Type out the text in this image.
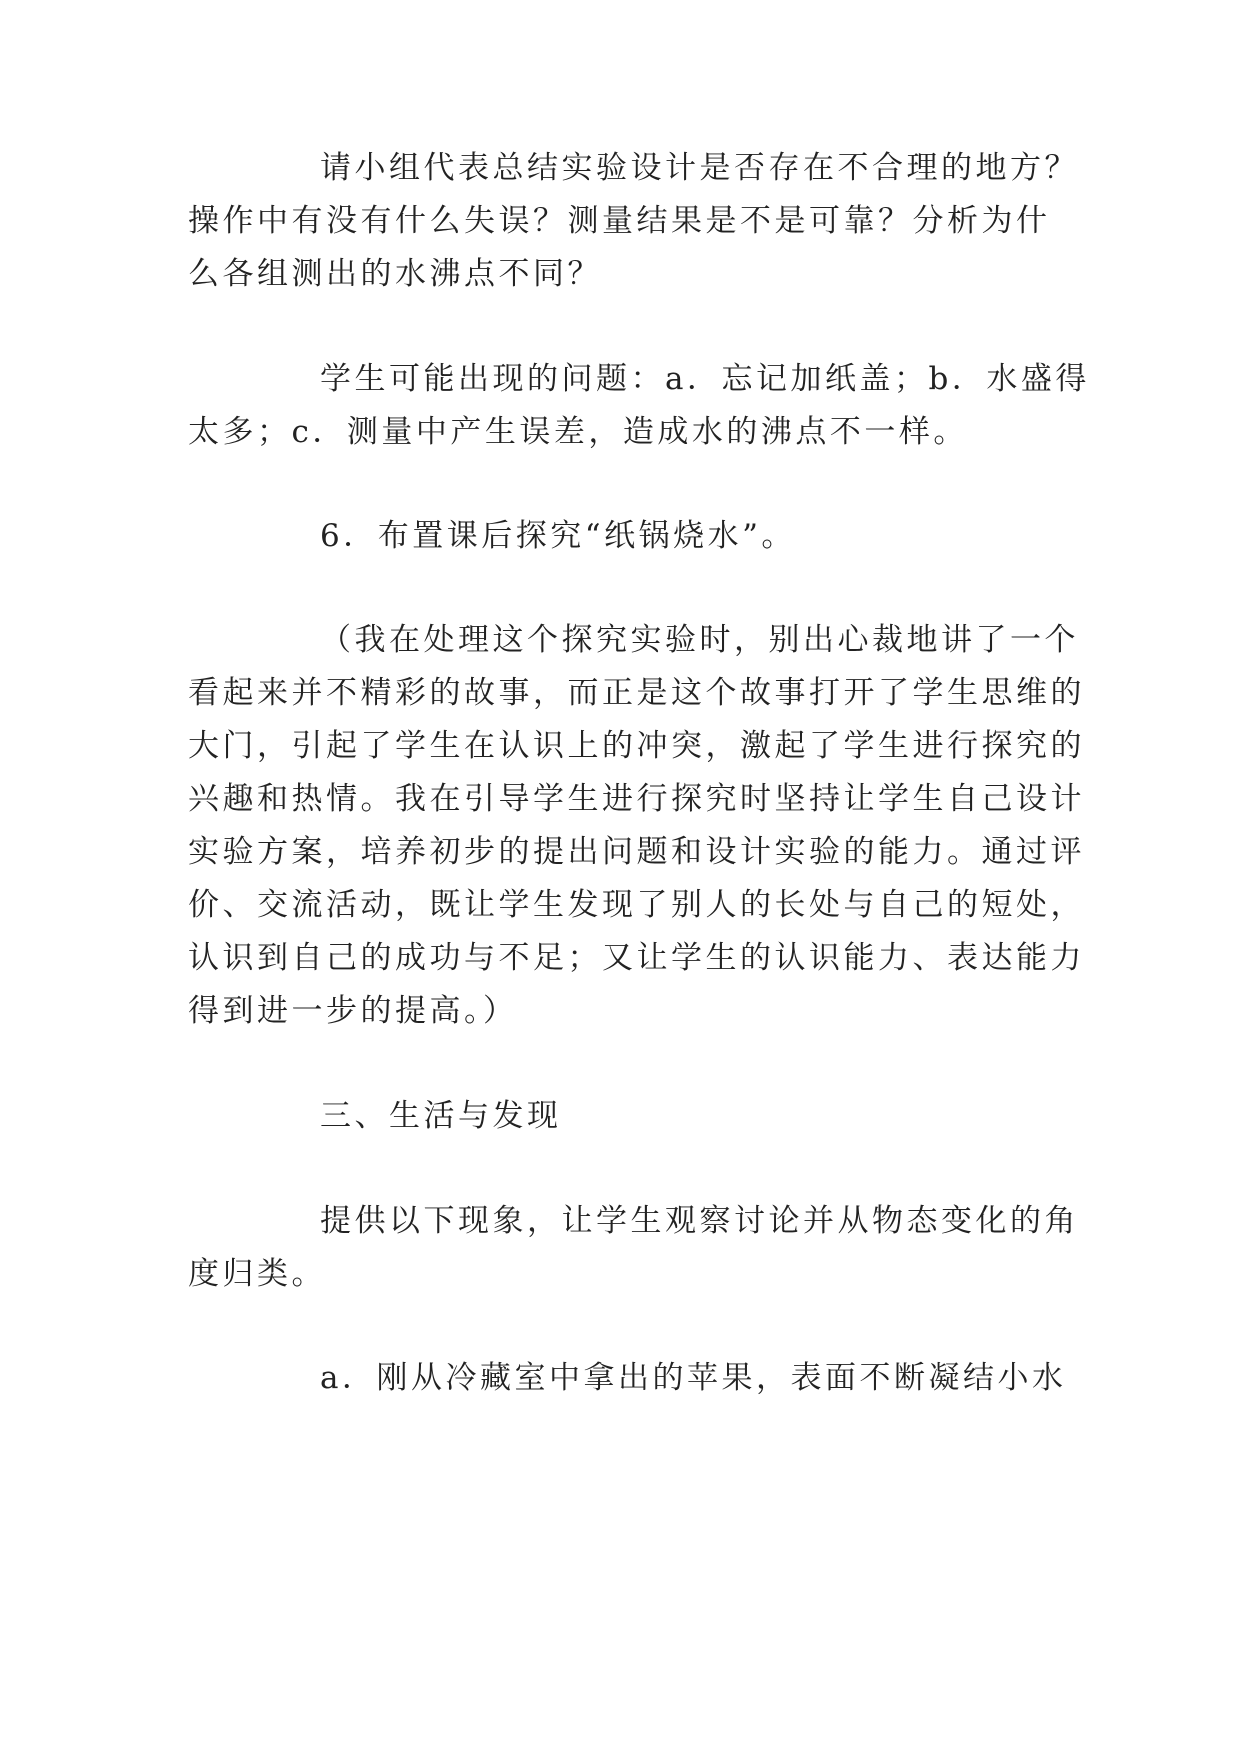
请小组代表总结实验设计是否存在不合理的地方？
操作中有没有什么失误？测量结果是不是可靠？分析为什
么各组测出的水沸点不同？
学生可能出现的问题：a．忘记加纸盖；b．水盛得
太多；c．测量中产生误差，造成水的沸点不一样。
6．布置课后探究“纸锅烧水”。
（我在处理这个探究实验时，别出心裁地讲了一个
看起来并不精彩的故事，而正是这个故事打开了学生思维的
大门，引起了学生在认识上的冲突，激起了学生进行探究的
兴趣和热情。我在引导学生进行探究时坚持让学生自己设计
实验方案，培养初步的提出问题和设计实验的能力。通过评
价、交流活动，既让学生发现了别人的长处与自己的短处，
认识到自己的成功与不足；又让学生的认识能力、表达能力
得到进一步的提高。）
三、生活与发现
提供以下现象，让学生观察讨论并从物态变化的角
度归类。
a．刚从冷藏室中拿出的苹果，表面不断凝结小水
